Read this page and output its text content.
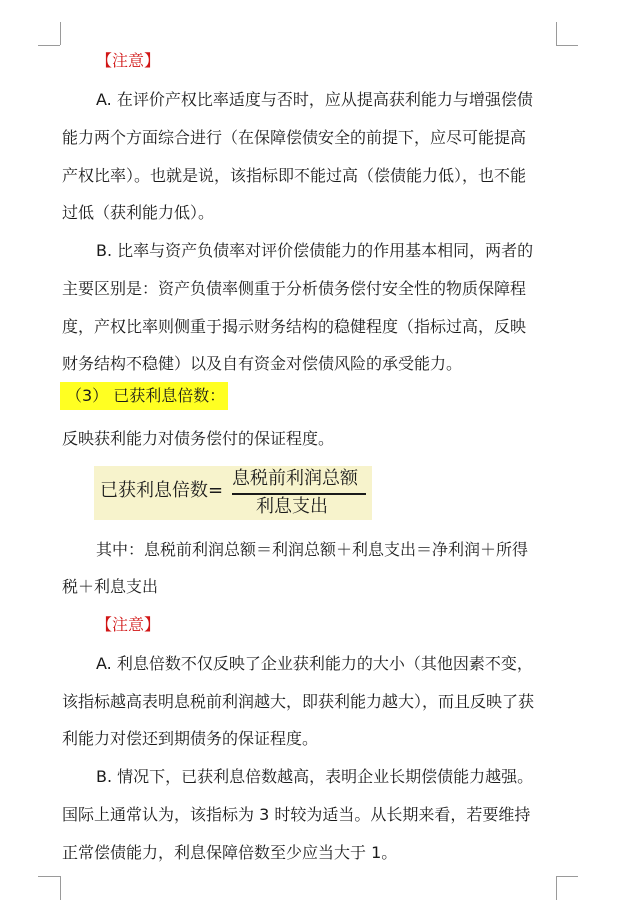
【注意】
A. 在评价产权比率适度与否时，应从提高获利能力与增强偿债
能力两个方面综合进行（在保障偿债安全的前提下，应尽可能提高
产权比率）。也就是说，该指标即不能过高（偿债能力低），也不能
过低（获利能力低）。
B. 比率与资产负债率对评价偿债能力的作用基本相同，两者的
主要区别是：资产负债率侧重于分析债务偿付安全性的物质保障程
度，产权比率则侧重于揭示财务结构的稳健程度（指标过高，反映
财务结构不稳健）以及自有资金对偿债风险的承受能力。
（3） 已获利息倍数：
反映获利能力对债务偿付的保证程度。
已获利息倍数=
息税前利润总额
利息支出
其中：息税前利润总额＝利润总额＋利息支出＝净利润＋所得
税＋利息支出
【注意】
A. 利息倍数不仅反映了企业获利能力的大小（其他因素不变，
该指标越高表明息税前利润越大，即获利能力越大），而且反映了获
利能力对偿还到期债务的保证程度。
B. 情况下，已获利息倍数越高，表明企业长期偿债能力越强。
国际上通常认为，该指标为 3 时较为适当。从长期来看，若要维持
正常偿债能力，利息保障倍数至少应当大于 1。
